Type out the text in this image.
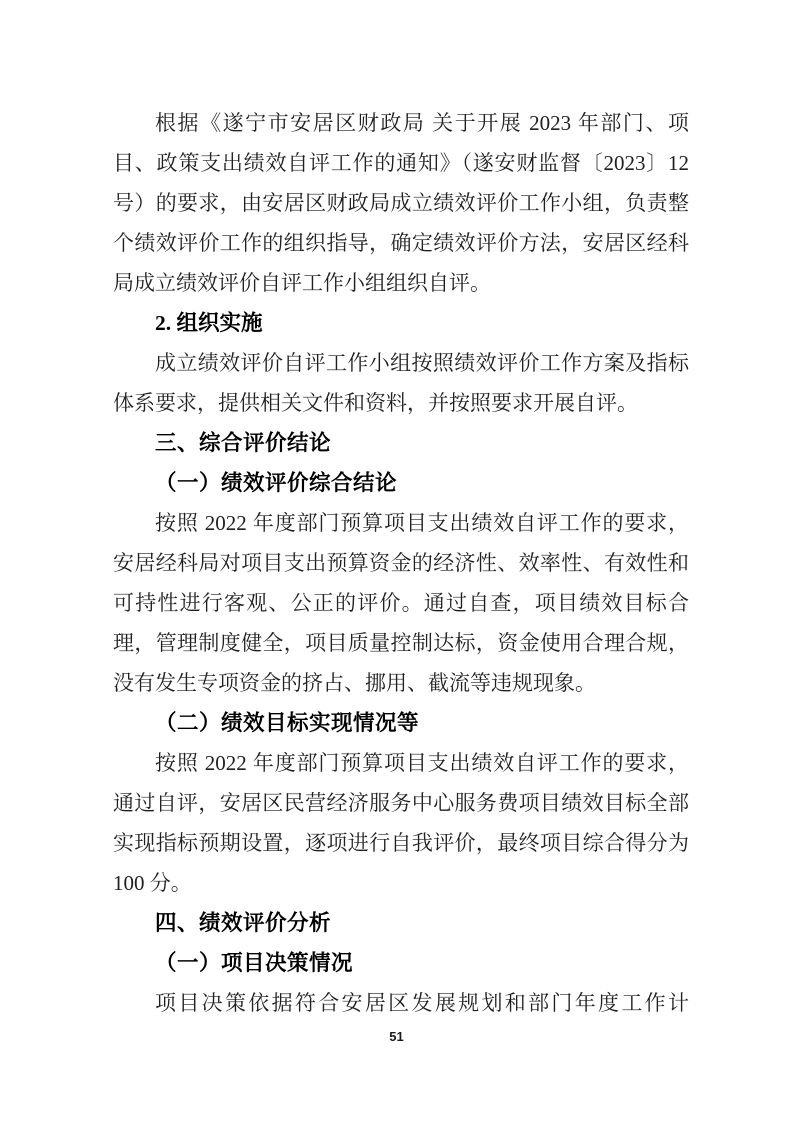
根据《遂宁市安居区财政局 关于开展 2023 年部门、项目、政策支出绩效自评工作的通知》（遂安财监督〔2023〕12 号）的要求，由安居区财政局成立绩效评价工作小组，负责整个绩效评价工作的组织指导，确定绩效评价方法，安居区经科局成立绩效评价自评工作小组组织自评。

2. 组织实施

成立绩效评价自评工作小组按照绩效评价工作方案及指标体系要求，提供相关文件和资料，并按照要求开展自评。

三、综合评价结论

（一）绩效评价综合结论

按照 2022 年度部门预算项目支出绩效自评工作的要求，安居经科局对项目支出预算资金的经济性、效率性、有效性和可持性进行客观、公正的评价。通过自查，项目绩效目标合理，管理制度健全，项目质量控制达标，资金使用合理合规，没有发生专项资金的挤占、挪用、截流等违规现象。

（二）绩效目标实现情况等

按照 2022 年度部门预算项目支出绩效自评工作的要求，通过自评，安居区民营经济服务中心服务费项目绩效目标全部实现指标预期设置，逐项进行自我评价，最终项目综合得分为 100 分。

四、绩效评价分析

（一）项目决策情况

项目决策依据符合安居区发展规划和部门年度工作计

51
